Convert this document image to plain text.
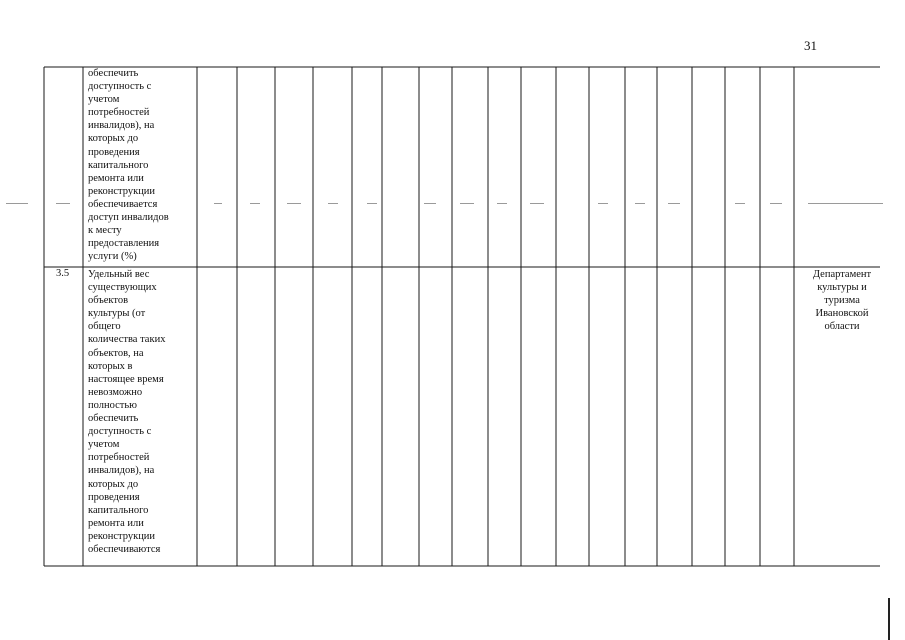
31
обеспечить
доступность с
учетом
потребностей
инвалидов), на
которых до
проведения
капитального
ремонта или
реконструкции
обеспечивается
доступ инвалидов
к месту
предоставления
услуги (%)
3.5 Удельный вес
существующих
объектов
культуры (от
общего
количества таких
объектов, на
которых в
настоящее время
невозможно
полностью
обеспечить
доступность с
учетом
потребностей
инвалидов), на
которых до
проведения
капитального
ремонта или
реконструкции
обеспечиваются
Департамент
культуры и
туризма
Ивановской
области
